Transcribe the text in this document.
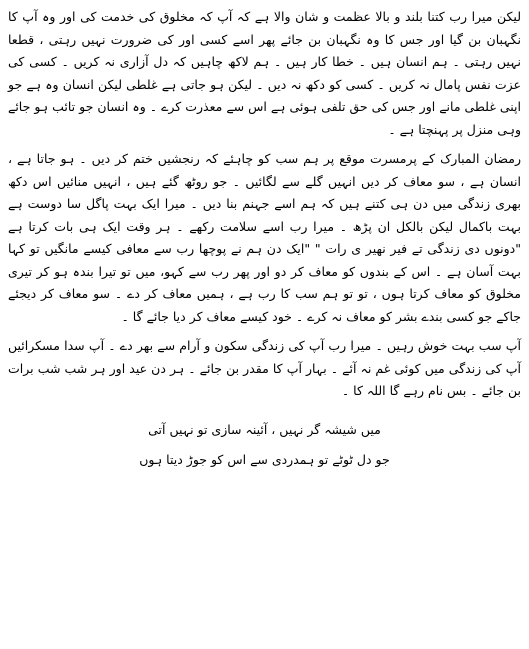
لیکن میرا رب کتنا بلند و بالا عظمت و شان والا ہے کہ آپ کہ مخلوق کی خدمت کی اور وہ آپ کا نگہبان بن گیا اور جس کا وہ نگہبان بن جائے پھر اسے کسی اور کی ضرورت نہیں رہتی ، قطعا نہیں رہتی ۔ ہم انسان ہیں ۔ خطا کار ہیں ۔ ہم لاکھ چاہیں کہ دل آزاری نہ کریں ۔ کسی کی عزت نفس پامال نہ کریں ۔ کسی کو دکھ نہ دیں ۔ لیکن ہو جاتی ہے غلطی لیکن انسان وہ ہے جو اپنی غلطی مانے اور جس کی حق تلفی ہوئی ہے اس سے معذرت کرے ۔ وہ انسان جو تائب ہو جائے وہی منزل پر پہنچتا ہے ۔

رمضان المبارک کے پرمسرت موقع پر ہم سب کو چاہئے کہ رنجشیں ختم کر دیں ۔ ہو جاتا ہے ، انسان ہے ، سو معاف کر دیں انہیں گلے سے لگائیں ۔ جو روٹھ گئے ہیں ، انہیں منائیں اس دکھ بھری زندگی میں دن ہی کتنے ہیں کہ ہم اسے جہنم بنا دیں ۔ میرا ایک بہت پاگل سا دوست ہے بہت باکمال لیکن بالکل ان پڑھ ۔ میرا رب اسے سلامت رکھے ۔ ہر وقت ایک ہی بات کرتا ہے "دونوں دی زندگی تے فیر نھیر ی رات " "ایک دن ہم نے پوچھا رب سے معافی کیسے مانگیں تو کہا بہت آسان ہے ۔ اس کے بندوں کو معاف کر دو اور پھر رب سے کہو، میں تو تیرا بندہ ہو کر تیری مخلوق کو معاف کرتا ہوں ، تو تو ہم سب کا رب ہے ، ہمیں معاف کر دے ۔ سو معاف کر دیجئے جاکے جو کسی بندے بشر کو معاف نہ کرے ۔ خود کیسے معاف کر دیا جائے گا ۔

آپ سب بہت خوش رہیں ۔ میرا رب آپ کی زندگی سکون و آرام سے بھر دے ۔ آپ سدا مسکرائیں آپ کی زندگی میں کوئی غم نہ آئے ۔ بہار آپ کا مقدر بن جائے ۔ ہر دن عید اور ہر شب شب برات بن جائے ۔ بس نام رہے گا اللہ کا ۔

میں شیشہ گر نہیں ، آئینہ سازی تو نہیں آتی
جو دل ٹوٹے تو ہمدردی سے اس کو جوڑ دیتا ہوں
